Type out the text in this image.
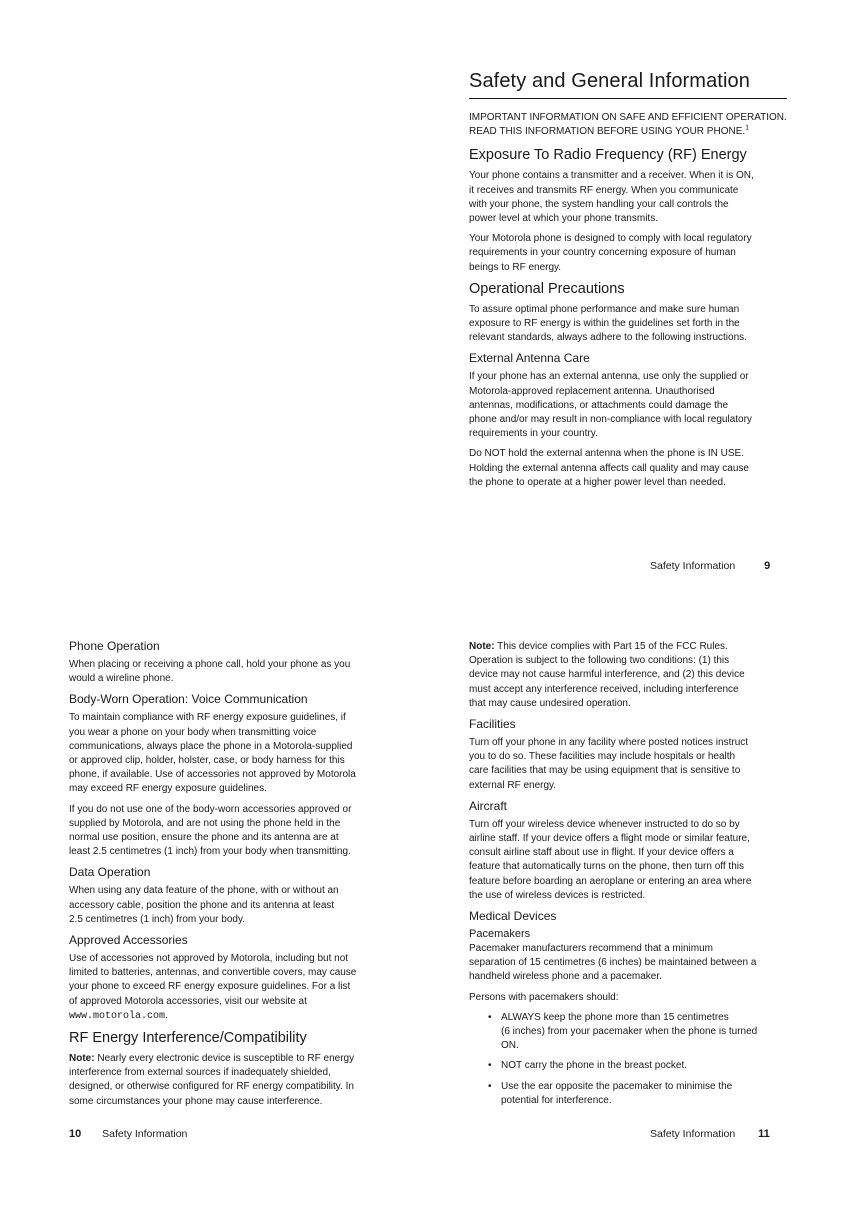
Safety and General Information
IMPORTANT INFORMATION ON SAFE AND EFFICIENT OPERATION. READ THIS INFORMATION BEFORE USING YOUR PHONE.$^1$
Exposure To Radio Frequency (RF) Energy
Your phone contains a transmitter and a receiver. When it is ON,
it receives and transmits RF energy. When you communicate
with your phone, the system handling your call controls the
power level at which your phone transmits.
Your Motorola phone is designed to comply with local regulatory
requirements in your country concerning exposure of human
beings to RF energy.
Operational Precautions
To assure optimal phone performance and make sure human
exposure to RF energy is within the guidelines set forth in the
relevant standards, always adhere to the following instructions.
External Antenna Care
If your phone has an external antenna, use only the supplied or
Motorola-approved replacement antenna. Unauthorised
antennas, modifications, or attachments could damage the
phone and/or may result in non-compliance with local regulatory
requirements in your country.
Do NOT hold the external antenna when the phone is IN USE.
Holding the external antenna affects call quality and may cause
the phone to operate at a higher power level than needed.
Safety Information	9
Phone Operation
When placing or receiving a phone call, hold your phone as you
would a wireline phone.
Body-Worn Operation: Voice Communication
To maintain compliance with RF energy exposure guidelines, if
you wear a phone on your body when transmitting voice
communications, always place the phone in a Motorola-supplied
or approved clip, holder, holster, case, or body harness for this
phone, if available. Use of accessories not approved by Motorola
may exceed RF energy exposure guidelines.
If you do not use one of the body-worn accessories approved or
supplied by Motorola, and are not using the phone held in the
normal use position, ensure the phone and its antenna are at
least 2.5 centimetres (1 inch) from your body when transmitting.
Data Operation
When using any data feature of the phone, with or without an
accessory cable, position the phone and its antenna at least
2.5 centimetres (1 inch) from your body.
Approved Accessories
Use of accessories not approved by Motorola, including but not
limited to batteries, antennas, and convertible covers, may cause
your phone to exceed RF energy exposure guidelines. For a list
of approved Motorola accessories, visit our website at
www.motorola.com.
RF Energy Interference/Compatibility
Note: Nearly every electronic device is susceptible to RF energy
interference from external sources if inadequately shielded,
designed, or otherwise configured for RF energy compatibility. In
some circumstances your phone may cause interference.
10 Safety Information
Note: This device complies with Part 15 of the FCC Rules.
Operation is subject to the following two conditions: (1) this
device may not cause harmful interference, and (2) this device
must accept any interference received, including interference
that may cause undesired operation.
Facilities
Turn off your phone in any facility where posted notices instruct
you to do so. These facilities may include hospitals or health
care facilities that may be using equipment that is sensitive to
external RF energy.
Aircraft
Turn off your wireless device whenever instructed to do so by
airline staff. If your device offers a flight mode or similar feature,
consult airline staff about use in flight. If your device offers a
feature that automatically turns on the phone, then turn off this
feature before boarding an aeroplane or entering an area where
the use of wireless devices is restricted.
Medical Devices
Pacemakers
Pacemaker manufacturers recommend that a minimum
separation of 15 centimetres (6 inches) be maintained between a
handheld wireless phone and a pacemaker.
Persons with pacemakers should:
• ALWAYS keep the phone more than 15 centimetres
(6 inches) from your pacemaker when the phone is turned
ON.
• NOT carry the phone in the breast pocket.
• Use the ear opposite the pacemaker to minimise the
potential for interference.
Safety Information 11
